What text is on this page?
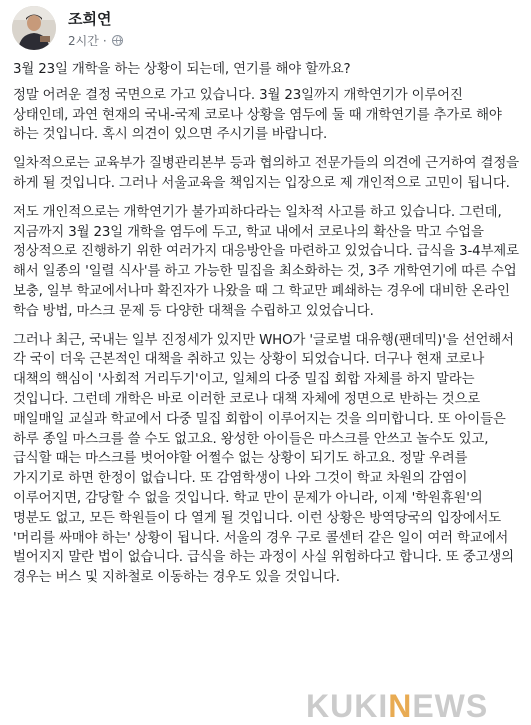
조희연
2시간 ·

3월 23일 개학을 하는 상황이 되는데, 연기를 해야 할까요?

정말 어려운 결정 국면으로 가고 있습니다. 3월 23일까지 개학연기가 이루어진 상태인데, 과연 현재의 국내-국제 코로나 상황을 염두에 둘 때 개학연기를 추가로 해야 하는 것입니다. 혹시 의견이 있으면 주시기를 바랍니다.

일차적으로는 교육부가 질병관리본부 등과 협의하고 전문가들의 의견에 근거하여 결정을 하게 될 것입니다. 그러나 서울교육을 책임지는 입장으로 제 개인적으로 고민이 됩니다.

저도 개인적으로는 개학연기가 불가피하다라는 일차적 사고를 하고 있습니다. 그런데, 지금까지 3월 23일 개학을 염두에 두고, 학교 내에서 코로나의 확산을 막고 수업을 정상적으로 진행하기 위한 여러가지 대응방안을 마련하고 있었습니다. 급식을 3-4부제로 해서 일종의 '일렬 식사'를 하고 가능한 밀집을 최소화하는 것, 3주 개학연기에 따른 수업 보충, 일부 학교에서나마 확진자가 나왔을 때 그 학교만 폐쇄하는 경우에 대비한 온라인 학습 방법, 마스크 문제 등 다양한 대책을 수립하고 있었습니다.

그러나 최근, 국내는 일부 진정세가 있지만 WHO가 '글로벌 대유행(팬데믹)'을 선언해서 각 국이 더욱 근본적인 대책을 취하고 있는 상황이 되었습니다. 더구나 현재 코로나 대책의 핵심이 '사회적 거리두기'이고, 일체의 다중 밀집 회합 자체를 하지 말라는 것입니다. 그런데 개학은 바로 이러한 코로나 대책 자체에 정면으로 반하는 것으로 매일매일 교실과 학교에서 다중 밀집 회합이 이루어지는 것을 의미합니다. 또 아이들은 하루 종일 마스크를 쓸 수도 없고요. 왕성한 아이들은 마스크를 안쓰고 놀수도 있고, 급식할 때는 마스크를 벗어야할 어쩔수 없는 상황이 되기도 하고요. 정말 우려를 가지기로 하면 한정이 없습니다. 또 감염학생이 나와 그것이 학교 차원의 감염이 이루어지면, 감당할 수 없을 것입니다. 학교 만이 문제가 아니라, 이제 '학원휴원'의 명분도 없고, 모든 학원들이 다 열게 될 것입니다. 이런 상황은 방역당국의 입장에서도 '머리를 싸매야 하는' 상황이 됩니다. 서울의 경우 구로 콜센터 같은 일이 여러 학교에서 벌어지지 말란 법이 없습니다. 급식을 하는 과정이 사실 위험하다고 합니다. 또 중고생의 경우는 버스 및 지하철로 이동하는 경우도 있을 것입니다.

KUKINEWS
